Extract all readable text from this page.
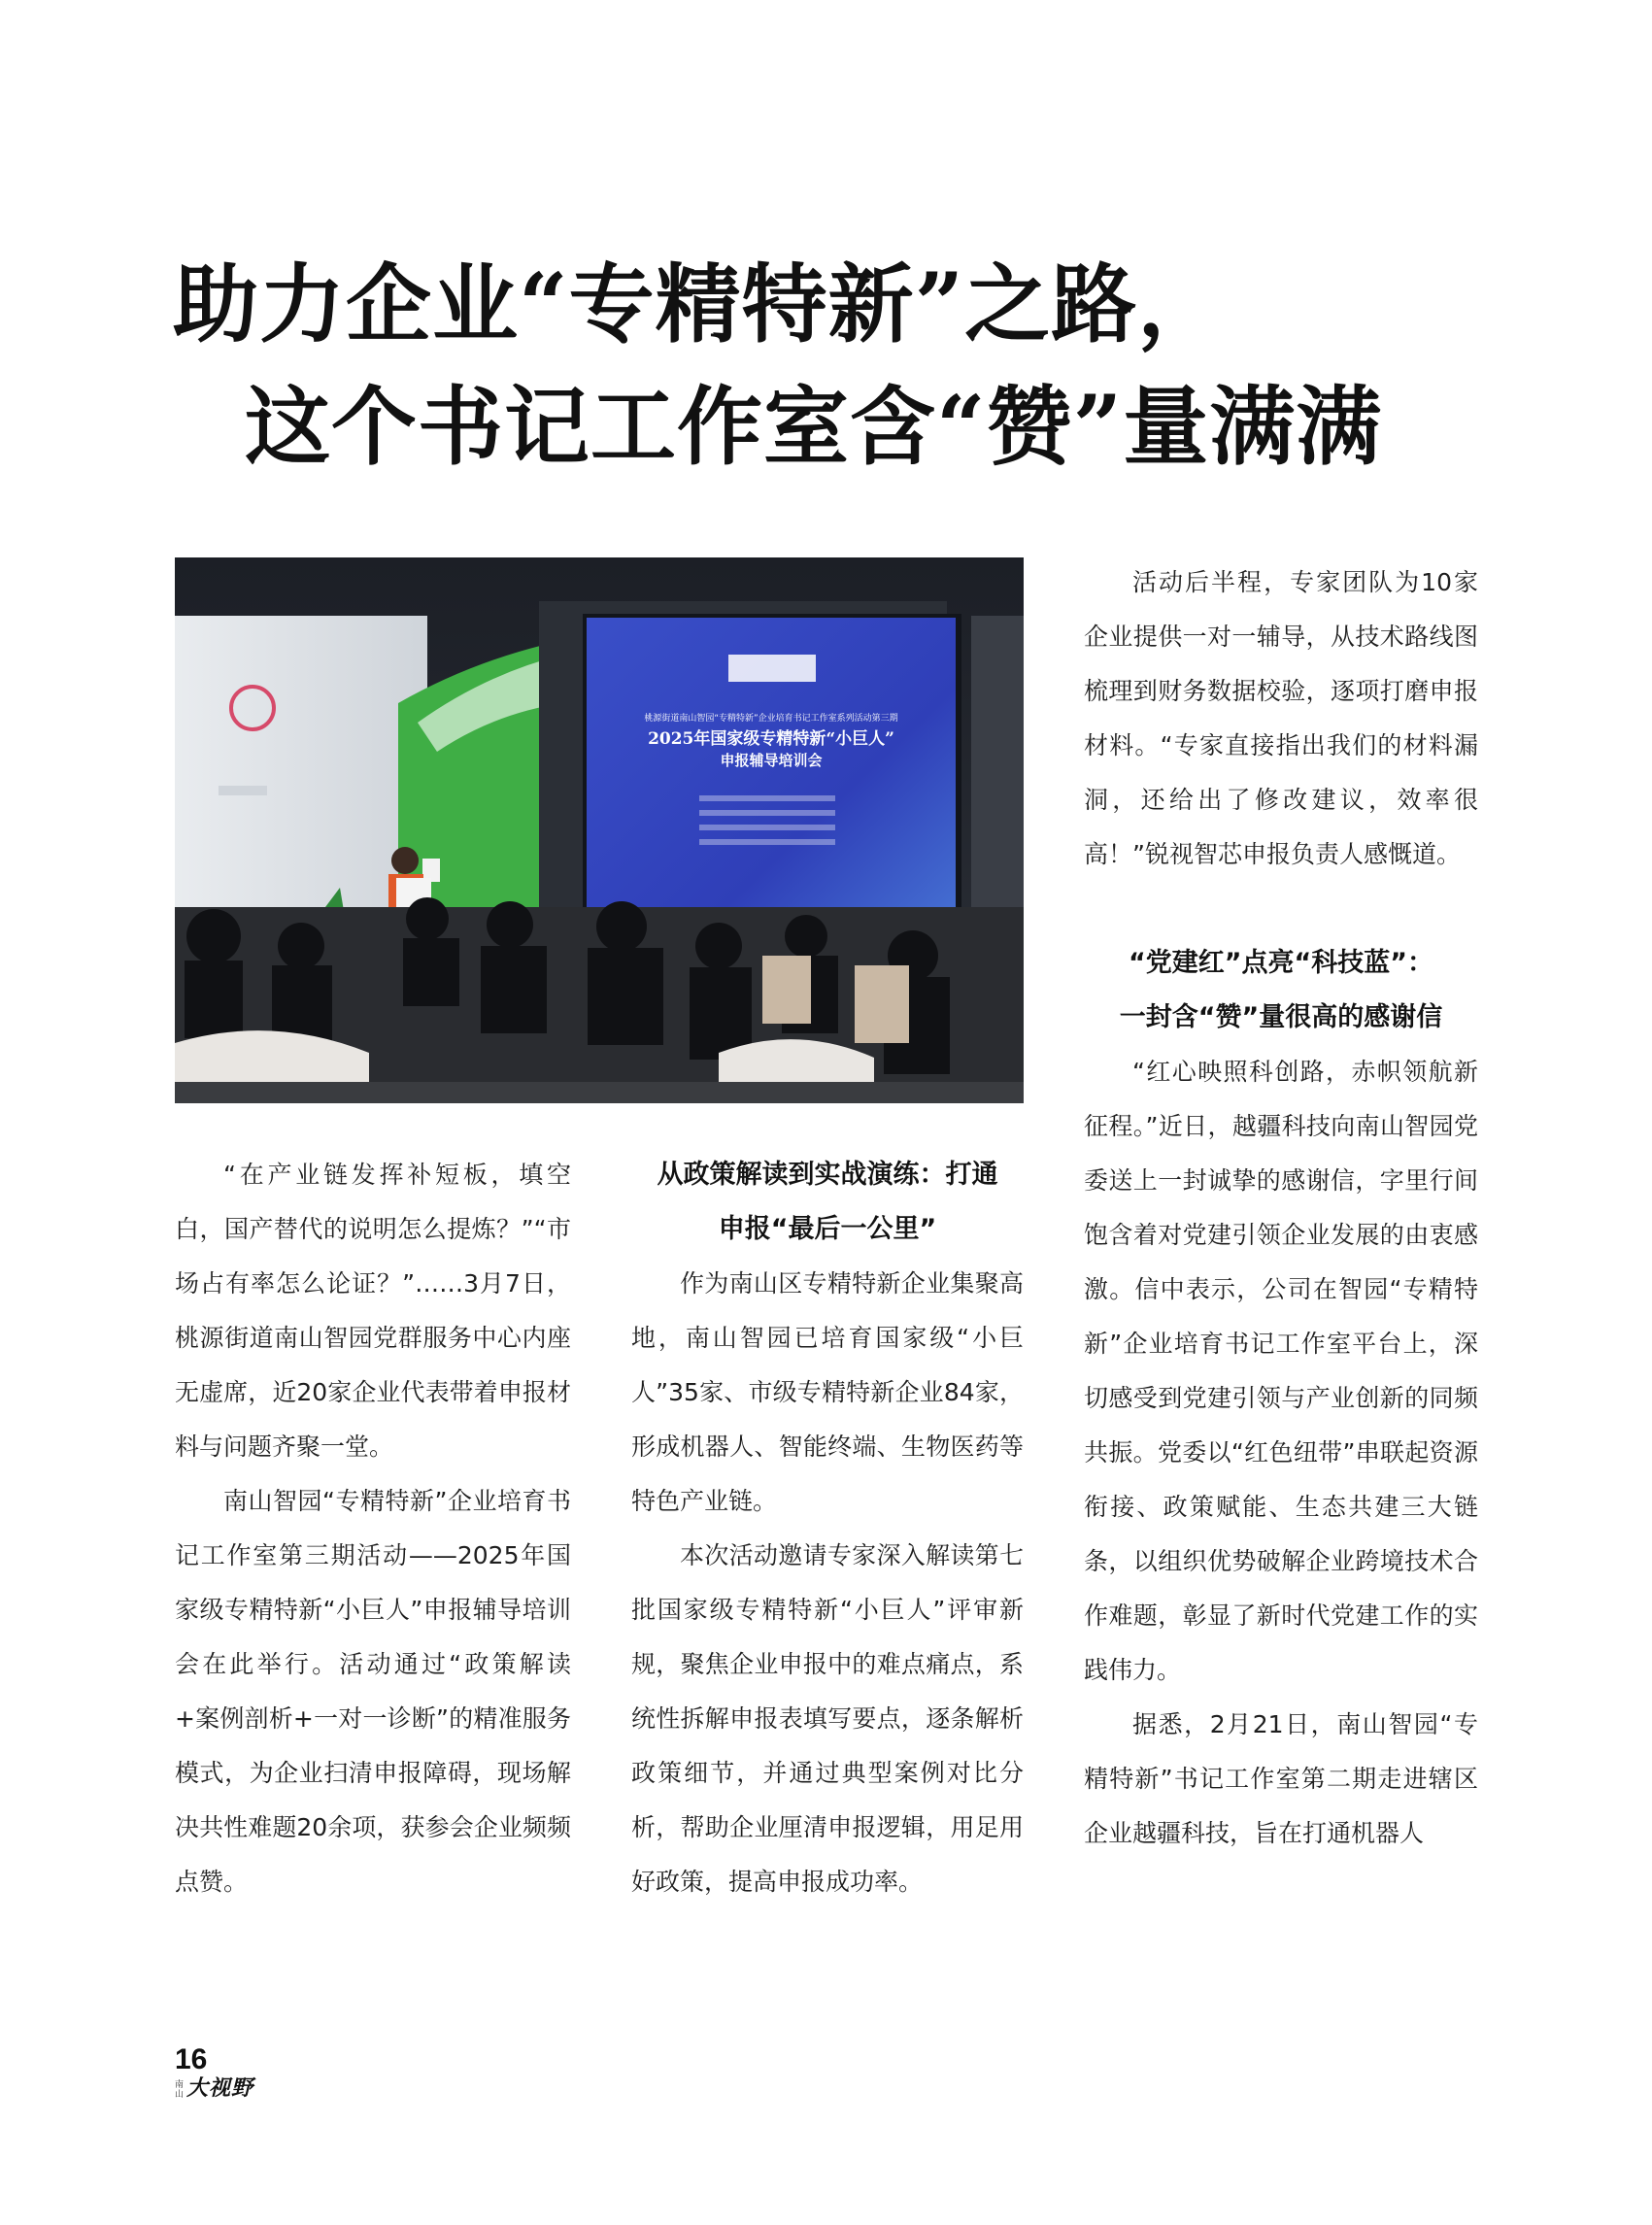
助力企业“专精特新”之路，
这个书记工作室含“赞”量满满
桃源街道南山智园“专精特新”企业培育书记工作室系列活动第三期
2025年国家级专精特新“小巨人”
申报辅导培训会

“在产业链发挥补短板，填空白，国产替代的说明怎么提炼？”“市场占有率怎么论证？”……3月7日，桃源街道南山智园党群服务中心内座无虚席，近20家企业代表带着申报材料与问题齐聚一堂。

南山智园“专精特新”企业培育书记工作室第三期活动——2025年国家级专精特新“小巨人”申报辅导培训会在此举行。活动通过“政策解读+案例剖析+一对一诊断”的精准服务模式，为企业扫清申报障碍，现场解决共性难题20余项，获参会企业频频点赞。

从政策解读到实战演练：打通
申报“最后一公里”

作为南山区专精特新企业集聚高地，南山智园已培育国家级“小巨人”35家、市级专精特新企业84家，形成机器人、智能终端、生物医药等特色产业链。

本次活动邀请专家深入解读第七批国家级专精特新“小巨人”评审新规，聚焦企业申报中的难点痛点，系统性拆解申报表填写要点，逐条解析政策细节，并通过典型案例对比分析，帮助企业厘清申报逻辑，用足用好政策，提高申报成功率。

活动后半程，专家团队为10家企业提供一对一辅导，从技术路线图梳理到财务数据校验，逐项打磨申报材料。“专家直接指出我们的材料漏洞，还给出了修改建议，效率很高！”锐视智芯申报负责人感慨道。

“党建红”点亮“科技蓝”：
一封含“赞”量很高的感谢信

“红心映照科创路，赤帜领航新征程。”近日，越疆科技向南山智园党委送上一封诚挚的感谢信，字里行间饱含着对党建引领企业发展的由衷感激。信中表示，公司在智园“专精特新”企业培育书记工作室平台上，深切感受到党建引领与产业创新的同频共振。党委以“红色纽带”串联起资源衔接、政策赋能、生态共建三大链条，以组织优势破解企业跨境技术合作难题，彰显了新时代党建工作的实践伟力。

据悉，2月21日，南山智园“专精特新”书记工作室第二期走进辖区企业越疆科技，旨在打通机器人

16
南山 大视野
